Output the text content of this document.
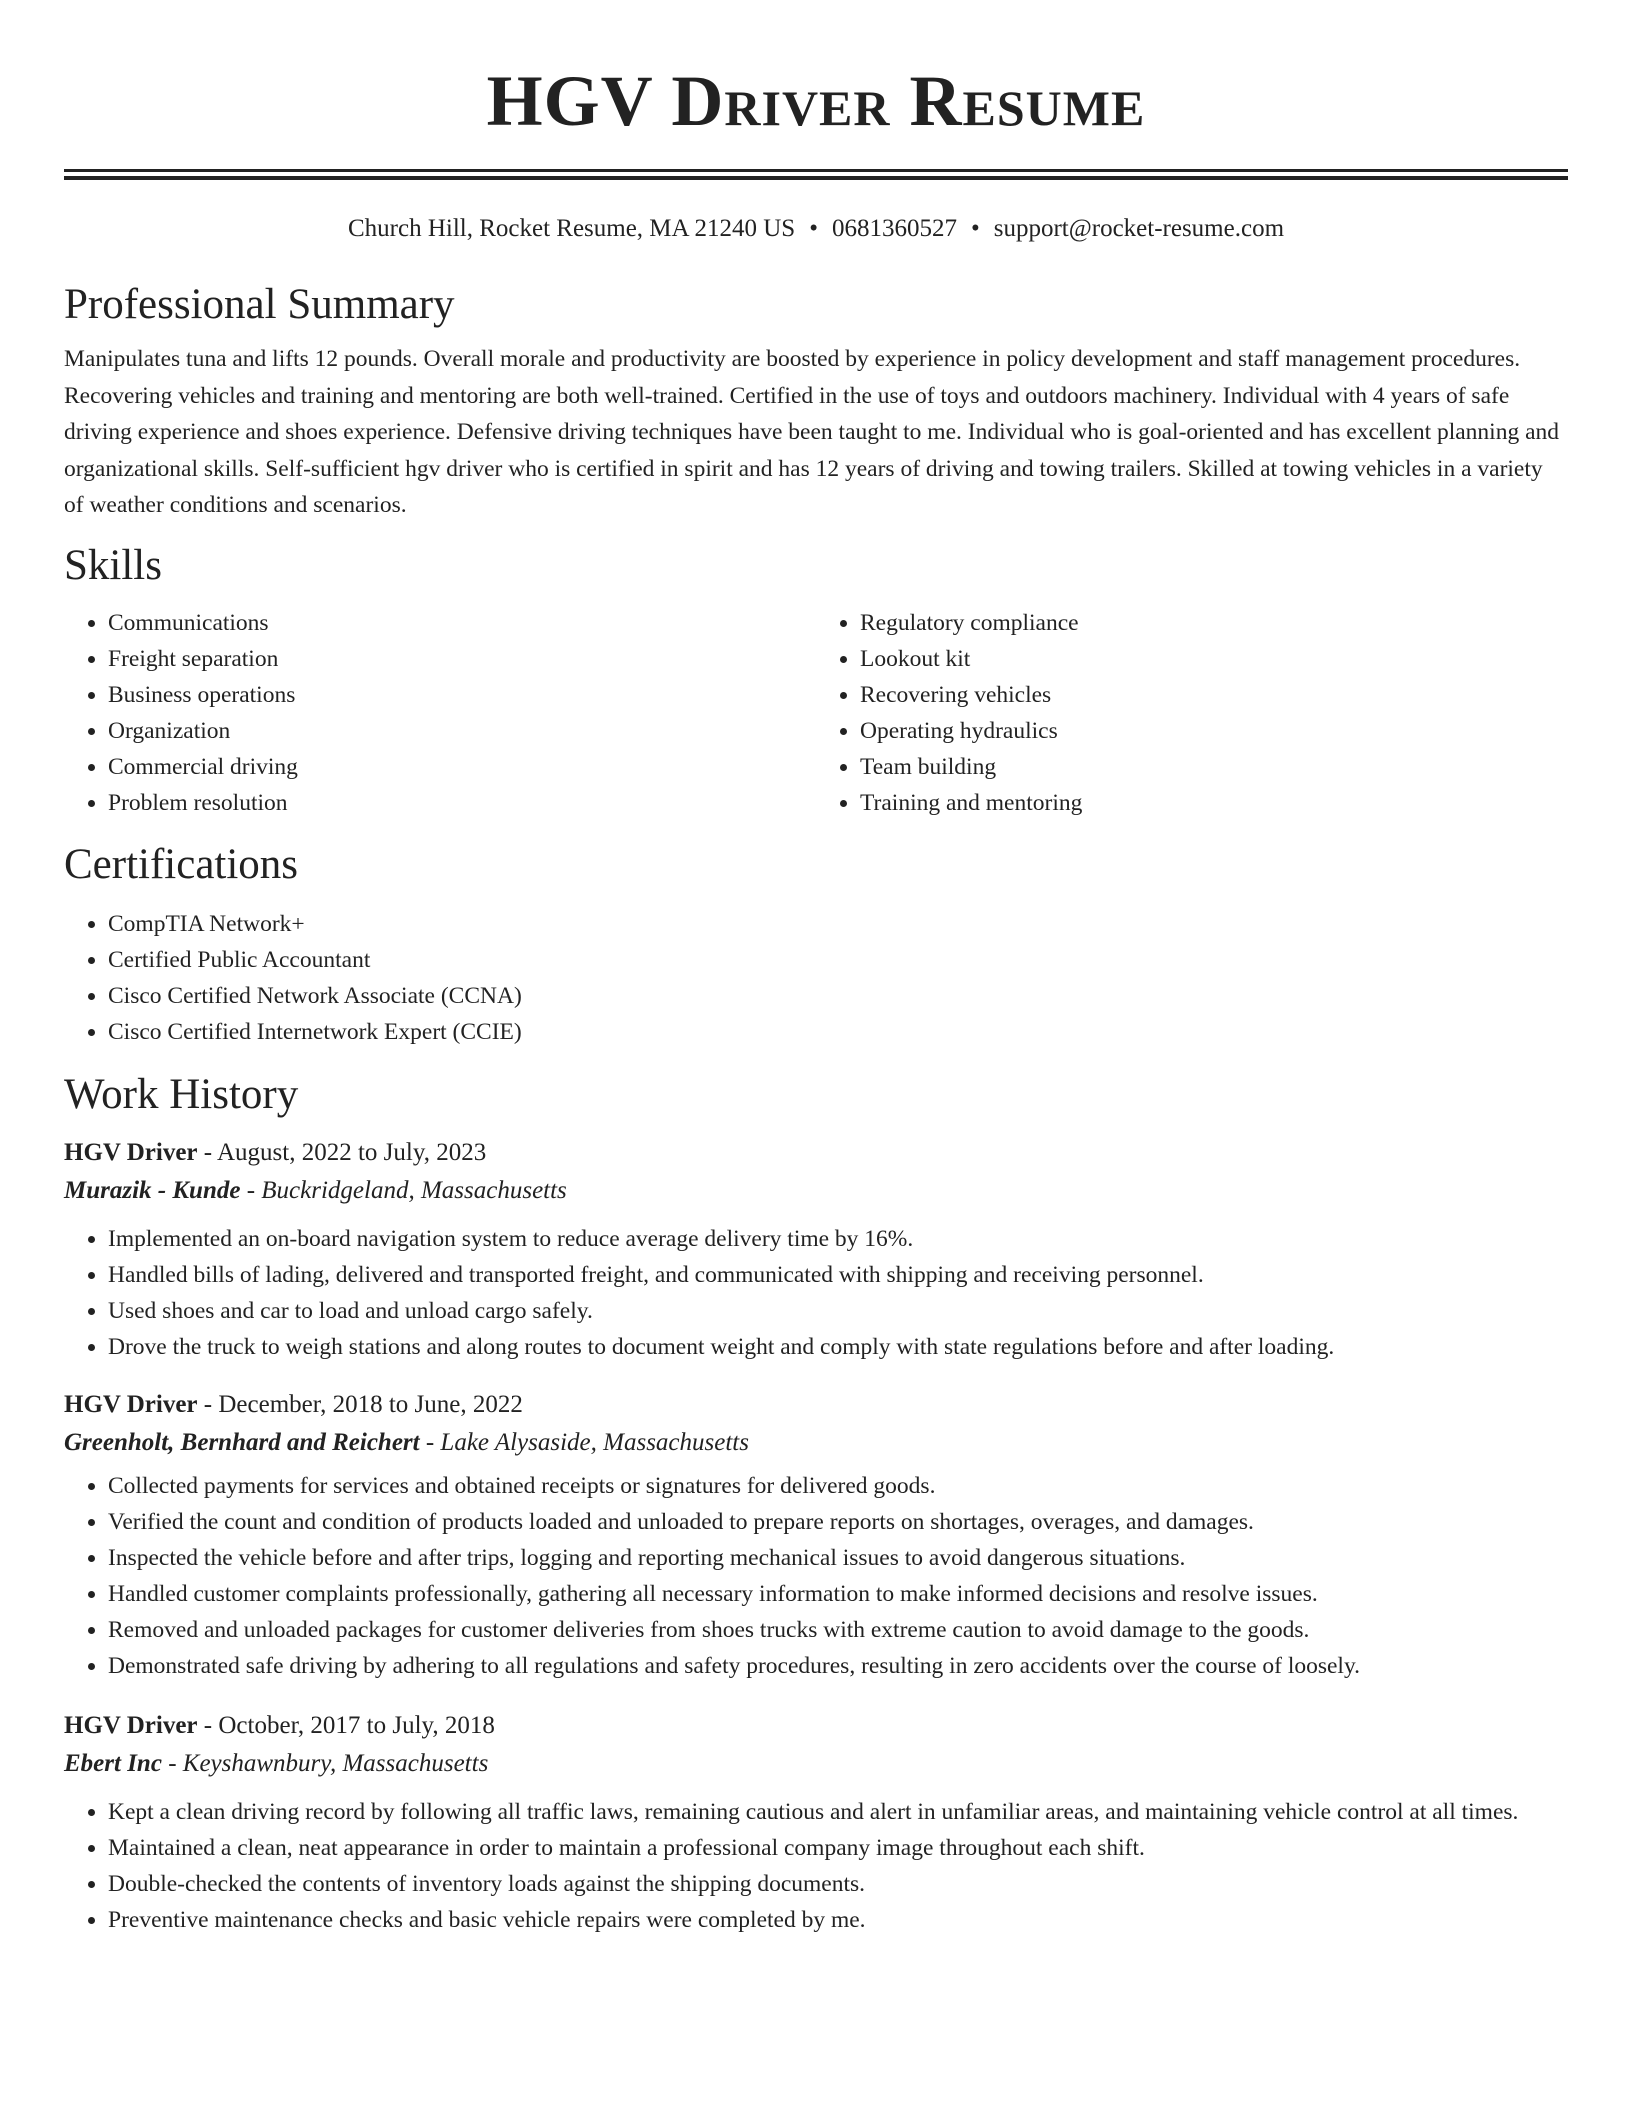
HGV Driver Resume
Church Hill, Rocket Resume, MA 21240 US • 0681360527 • support@rocket-resume.com
Professional Summary

Manipulates tuna and lifts 12 pounds. Overall morale and productivity are boosted by experience in policy development and staff management procedures. Recovering vehicles and training and mentoring are both well-trained. Certified in the use of toys and outdoors machinery. Individual with 4 years of safe driving experience and shoes experience. Defensive driving techniques have been taught to me. Individual who is goal-oriented and has excellent planning and organizational skills. Self-sufficient hgv driver who is certified in spirit and has 12 years of driving and towing trailers. Skilled at towing vehicles in a variety of weather conditions and scenarios.

Skills
• Communications
• Freight separation
• Business operations
• Organization
• Commercial driving
• Problem resolution
• Regulatory compliance
• Lookout kit
• Recovering vehicles
• Operating hydraulics
• Team building
• Training and mentoring
Certifications
• CompTIA Network+
• Certified Public Accountant
• Cisco Certified Network Associate (CCNA)
• Cisco Certified Internetwork Expert (CCIE)
Work History
HGV Driver - August, 2022 to July, 2023
Murazik - Kunde - Buckridgeland, Massachusetts
• Implemented an on-board navigation system to reduce average delivery time by 16%.
• Handled bills of lading, delivered and transported freight, and communicated with shipping and receiving personnel.
• Used shoes and car to load and unload cargo safely.
• Drove the truck to weigh stations and along routes to document weight and comply with state regulations before and after loading.
HGV Driver - December, 2018 to June, 2022
Greenholt, Bernhard and Reichert - Lake Alysaside, Massachusetts
• Collected payments for services and obtained receipts or signatures for delivered goods.
• Verified the count and condition of products loaded and unloaded to prepare reports on shortages, overages, and damages.
• Inspected the vehicle before and after trips, logging and reporting mechanical issues to avoid dangerous situations.
• Handled customer complaints professionally, gathering all necessary information to make informed decisions and resolve issues.
• Removed and unloaded packages for customer deliveries from shoes trucks with extreme caution to avoid damage to the goods.
• Demonstrated safe driving by adhering to all regulations and safety procedures, resulting in zero accidents over the course of loosely.
HGV Driver - October, 2017 to July, 2018
Ebert Inc - Keyshawnbury, Massachusetts
• Kept a clean driving record by following all traffic laws, remaining cautious and alert in unfamiliar areas, and maintaining vehicle control at all times.
• Maintained a clean, neat appearance in order to maintain a professional company image throughout each shift.
• Double-checked the contents of inventory loads against the shipping documents.
• Preventive maintenance checks and basic vehicle repairs were completed by me.
